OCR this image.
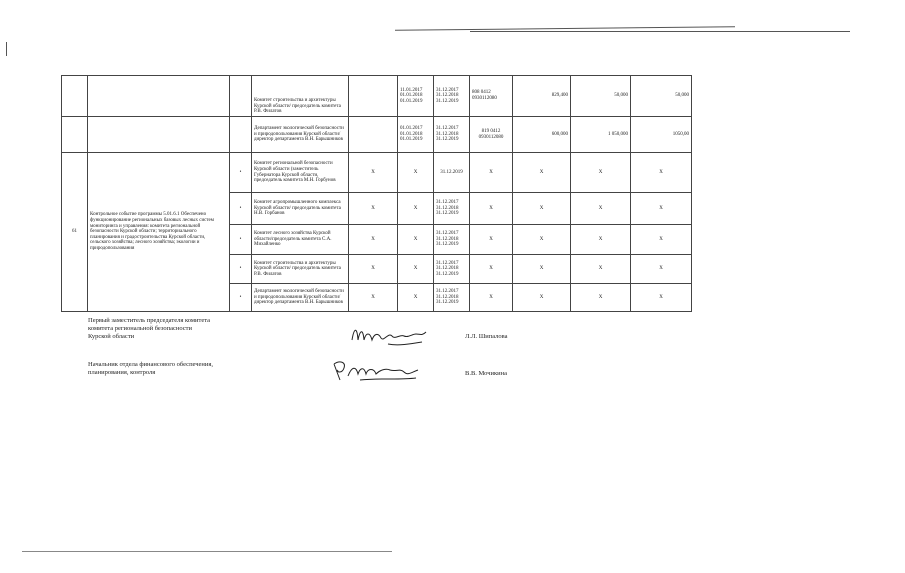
			Комитет строительства и архитектуры Курской области/ председатель комитета Р.В. Филатов		11.01.2017
01.01.2018
01.01.2019	31.12.2017
31.12.2018
31.12.2019	808 0412
0930112080	829,400	50,000	50,000
			Департамент экологической безопасности и природопользования Курской области/ директор департамента В.Н. Барышников		01.01.2017
01.01.2018
01.01.2019	31.12.2017
31.12.2018
31.12.2019	819 0412
0930112080	600,000	1 050,000	1050,00
61	Контрольное событие программы 5.01.6.1 Обеспечено функционирование региональных базовых лесных систем мониторинга и управления: комитета региональной безопасности Курской области; территориального планирования и градостроительства Курской области, сельского хозяйства; лесного хозяйства; экологии и природопользования	•	Комитет региональной безопасности Курской области (заместитель Губернатора Курской области, председатель комитета М.Н. Горбунов	X	X	31.12.2019	X	X	X	X
		•	Комитет агропромышленного комплекса Курской области/ председатель комитета Н.В. Горбанов	X	X	31.12.2017
31.12.2018
31.12.2019	X	X	X	X
		•	Комитет лесного хозяйства Курской области/председатель комитета С.А. Михайленко	X	X	31.12.2017
31.12.2018
31.12.2019	X	X	X	X
		•	Комитет строительства и архитектуры Курской области/ председатель комитета Р.В. Филатов	X	X	31.12.2017
31.12.2018
31.12.2019	X	X	X	X
		•	Департамент экологической безопасности и природопользования Курской области/ директор департамента В.Н. Барышников	X	X	31.12.2017
31.12.2018
31.12.2019	X	X	X	X
Первый заместитель председателя комитета
комитета региональной безопасности
Курской области	Л.Л. Шипалова
Начальник отдела финансового обеспечения,
планирования, контроля	В.В. Мочикина
